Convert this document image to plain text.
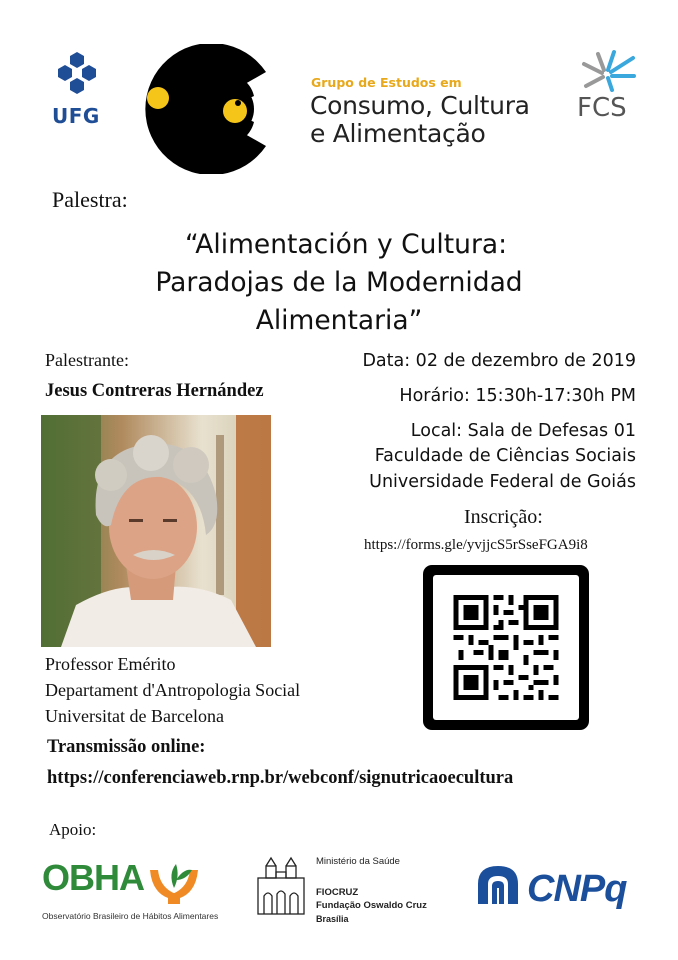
UFG
Grupo de Estudos em
Consumo, Cultura
e Alimentação
FCS
Palestra:
“Alimentación y Cultura:
Paradojas de la Modernidad
Alimentaria”
Palestrante:
Jesus Contreras Hernández
Professor Emérito
Departament d'Antropologia Social
Universitat de Barcelona
Transmissão online:
https://conferenciaweb.rnp.br/webconf/signutricaoecultura
Data: 02 de dezembro de 2019
Horário: 15:30h-17:30h PM
Local: Sala de Defesas 01
Faculdade de Ciências Sociais
Universidade Federal de Goiás
Inscrição:
https://forms.gle/yvjjcS5rSseFGA9i8
Apoio:
OBHA
Observatório Brasileiro de Hábitos Alimentares
Ministério da Saúde
FIOCRUZ
Fundação Oswaldo Cruz
Brasília
CNPq
